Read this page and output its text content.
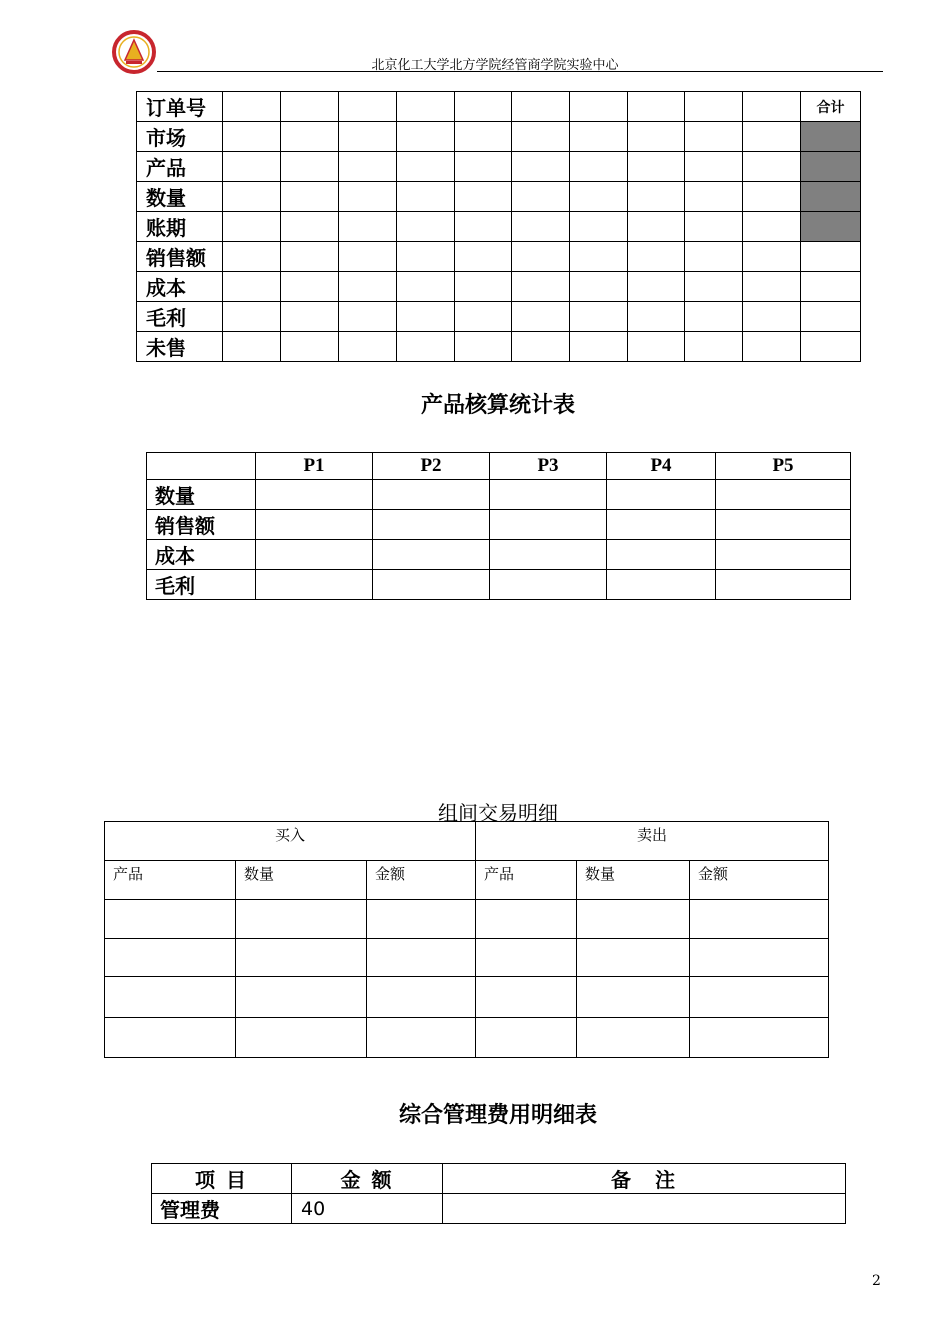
北京化工大学北方学院经管商学院实验中心
订单号											合计
市场											
产品											
数量											
账期											
销售额											
成本											
毛利											
未售											
产品核算统计表
	P1	P2	P3	P4	P5
数量					
销售额					
成本					
毛利					
组间交易明细
买入			卖出		
产品	数量	金额	产品	数量	金额

综合管理费用明细表
项 目	金 额	备　注
管理费	40	
2
